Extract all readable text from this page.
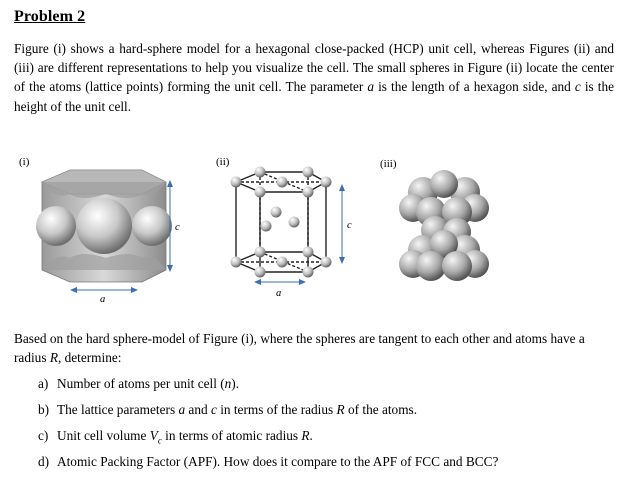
Problem 2
Figure (i) shows a hard-sphere model for a hexagonal close-packed (HCP) unit cell, whereas Figures (ii) and (iii) are different representations to help you visualize the cell. The small spheres in Figure (ii) locate the center of the atoms (lattice points) forming the unit cell. The parameter a is the length of a hexagon side, and c is the height of the unit cell.
(i)	(ii)	(iii)
c
a
c
a
Based on the hard sphere-model of Figure (i), where the spheres are tangent to each other and atoms have a radius R, determine:
a) Number of atoms per unit cell (n).
b) The lattice parameters a and c in terms of the radius R of the atoms.
c) Unit cell volume $V_c$ in terms of atomic radius R.
d) Atomic Packing Factor (APF). How does it compare to the APF of FCC and BCC?
